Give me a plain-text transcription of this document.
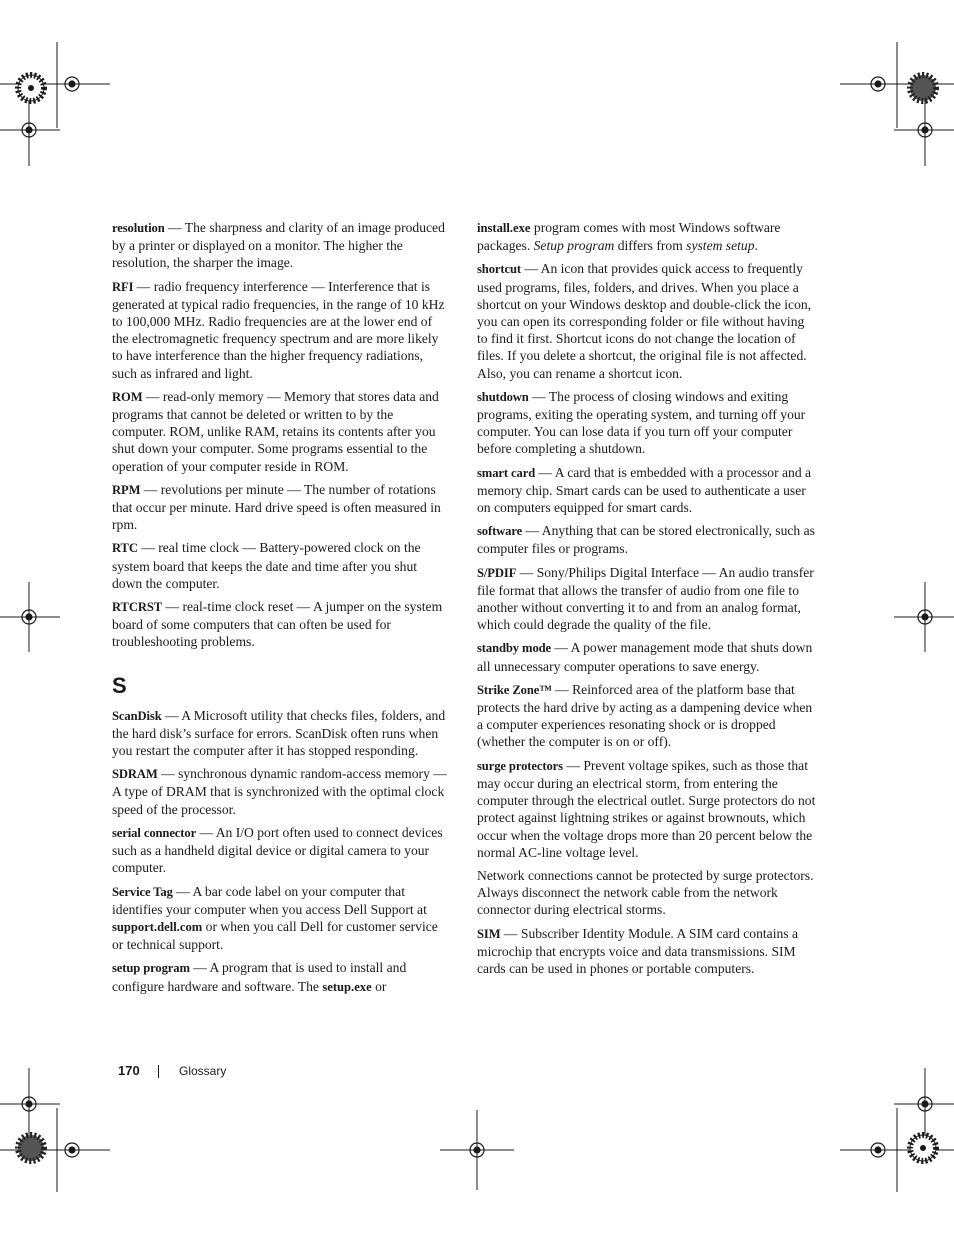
resolution — The sharpness and clarity of an image produced by a printer or displayed on a monitor. The higher the resolution, the sharper the image.

RFI — radio frequency interference — Interference that is generated at typical radio frequencies, in the range of 10 kHz to 100,000 MHz. Radio frequencies are at the lower end of the electromagnetic frequency spectrum and are more likely to have interference than the higher frequency radiations, such as infrared and light.

ROM — read-only memory — Memory that stores data and programs that cannot be deleted or written to by the computer. ROM, unlike RAM, retains its contents after you shut down your computer. Some programs essential to the operation of your computer reside in ROM.

RPM — revolutions per minute — The number of rotations that occur per minute. Hard drive speed is often measured in rpm.

RTC — real time clock — Battery-powered clock on the system board that keeps the date and time after you shut down the computer.

RTCRST — real-time clock reset — A jumper on the system board of some computers that can often be used for troubleshooting problems.

S

ScanDisk — A Microsoft utility that checks files, folders, and the hard disk’s surface for errors. ScanDisk often runs when you restart the computer after it has stopped responding.

SDRAM — synchronous dynamic random-access memory — A type of DRAM that is synchronized with the optimal clock speed of the processor.

serial connector — An I/O port often used to connect devices such as a handheld digital device or digital camera to your computer.

Service Tag — A bar code label on your computer that identifies your computer when you access Dell Support at support.dell.com or when you call Dell for customer service or technical support.

setup program — A program that is used to install and configure hardware and software. The setup.exe or

install.exe program comes with most Windows software packages. Setup program differs from system setup.

shortcut — An icon that provides quick access to frequently used programs, files, folders, and drives. When you place a shortcut on your Windows desktop and double-click the icon, you can open its corresponding folder or file without having to find it first. Shortcut icons do not change the location of files. If you delete a shortcut, the original file is not affected. Also, you can rename a shortcut icon.

shutdown — The process of closing windows and exiting programs, exiting the operating system, and turning off your computer. You can lose data if you turn off your computer before completing a shutdown.

smart card — A card that is embedded with a processor and a memory chip. Smart cards can be used to authenticate a user on computers equipped for smart cards.

software — Anything that can be stored electronically, such as computer files or programs.

S/PDIF — Sony/Philips Digital Interface — An audio transfer file format that allows the transfer of audio from one file to another without converting it to and from an analog format, which could degrade the quality of the file.

standby mode — A power management mode that shuts down all unnecessary computer operations to save energy.

Strike Zone™ — Reinforced area of the platform base that protects the hard drive by acting as a dampening device when a computer experiences resonating shock or is dropped (whether the computer is on or off).

surge protectors — Prevent voltage spikes, such as those that may occur during an electrical storm, from entering the computer through the electrical outlet. Surge protectors do not protect against lightning strikes or against brownouts, which occur when the voltage drops more than 20 percent below the normal AC-line voltage level.

Network connections cannot be protected by surge protectors. Always disconnect the network cable from the network connector during electrical storms.

SIM — Subscriber Identity Module. A SIM card contains a microchip that encrypts voice and data transmissions. SIM cards can be used in phones or portable computers.

170	Glossary
